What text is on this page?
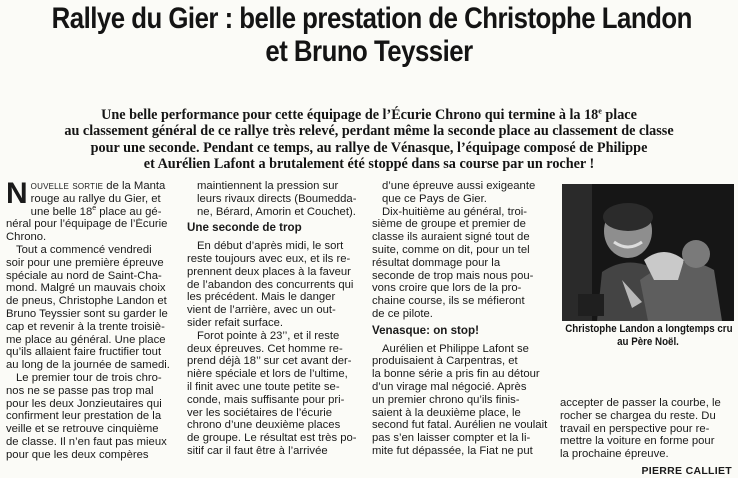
Rallye du Gier : belle prestation de Christophe Landon
et Bruno Teyssier
Une belle performance pour cette équipage de l’Écurie Chrono qui termine à la 18e place
au classement général de ce rallye très relevé, perdant même la seconde place au classement de classe
pour une seconde. Pendant ce temps, au rallye de Vénasque, l’équipage composé de Philippe
et Aurélien Lafont a brutalement été stoppé dans sa course par un rocher !
N ouvelle sortie de la Manta

rouge au rallye du Gier, et

une belle 18e place au gé-

néral pour l’équipage de l’Écurie

Chrono.

Tout a commencé vendredi

soir pour une première épreuve

spéciale au nord de Saint-Cha-

mond. Malgré un mauvais choix

de pneus, Christophe Landon et

Bruno Teyssier sont su garder le

cap et revenir à la trente troisiè-

me place au général. Une place

qu’ils allaient faire fructifier tout

au long de la journée de samedi.

Le premier tour de trois chro-

nos ne se passe pas trop mal

pour les deux Jonzieutaires qui

confirment leur prestation de la

veille et se retrouve cinquième

de classe. Il n’en faut pas mieux

pour que les deux compères

maintiennent la pression sur

leurs rivaux directs (Boumedda-

ne, Bérard, Amorin et Couchet).

Une seconde de trop

En début d’après midi, le sort

reste toujours avec eux, et ils re-

prennent deux places à la faveur

de l’abandon des concurrents qui

les précédent. Mais le danger

vient de l’arrière, avec un out-

sider refait surface.

Forot pointe à 23’’, et il reste

deux épreuves. Cet homme re-

prend déjà 18’’ sur cet avant der-

nière spéciale et lors de l’ultime,

il finit avec une toute petite se-

conde, mais suffisante pour pri-

ver les sociétaires de l’écurie

chrono d’une deuxième places

de groupe. Le résultat est très po-

sitif car il faut être à l’arrivée

d’une épreuve aussi exigeante

que ce Pays de Gier.

Dix-huitième au général, troi-

sième de groupe et premier de

classe ils auraient signé tout de

suite, comme on dit, pour un tel

résultat dommage pour la

seconde de trop mais nous pou-

vons croire que lors de la pro-

chaine course, ils se méfieront

de ce pilote.

Venasque: on stop!

Aurélien et Philippe Lafont se

produisaient à Carpentras, et

la bonne série a pris fin au détour

d’un virage mal négocié. Après

un premier chrono qu’ils finis-

saient à la deuxième place, le

second fut fatal. Aurélien ne voulait

pas s’en laisser compter et la li-

mite fut dépassée, la Fiat ne put

Christophe Landon a longtemps cru
au Père Noël.

accepter de passer la courbe, le

rocher se chargea du reste. Du

travail en perspective pour re-

mettre la voiture en forme pour

la prochaine épreuve.

PIERRE CALLIET
